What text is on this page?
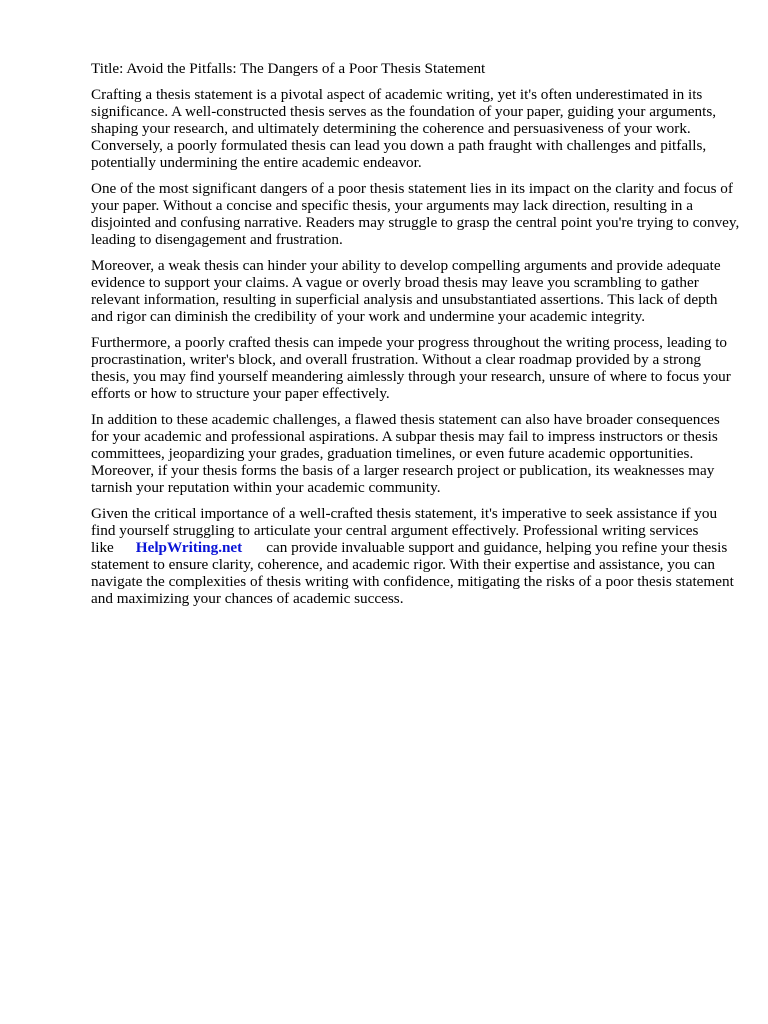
Title: Avoid the Pitfalls: The Dangers of a Poor Thesis Statement

Crafting a thesis statement is a pivotal aspect of academic writing, yet it's often underestimated in its significance. A well-constructed thesis serves as the foundation of your paper, guiding your arguments, shaping your research, and ultimately determining the coherence and persuasiveness of your work. Conversely, a poorly formulated thesis can lead you down a path fraught with challenges and pitfalls, potentially undermining the entire academic endeavor.

One of the most significant dangers of a poor thesis statement lies in its impact on the clarity and focus of your paper. Without a concise and specific thesis, your arguments may lack direction, resulting in a disjointed and confusing narrative. Readers may struggle to grasp the central point you're trying to convey, leading to disengagement and frustration.

Moreover, a weak thesis can hinder your ability to develop compelling arguments and provide adequate evidence to support your claims. A vague or overly broad thesis may leave you scrambling to gather relevant information, resulting in superficial analysis and unsubstantiated assertions. This lack of depth and rigor can diminish the credibility of your work and undermine your academic integrity.

Furthermore, a poorly crafted thesis can impede your progress throughout the writing process, leading to procrastination, writer's block, and overall frustration. Without a clear roadmap provided by a strong thesis, you may find yourself meandering aimlessly through your research, unsure of where to focus your efforts or how to structure your paper effectively.

In addition to these academic challenges, a flawed thesis statement can also have broader consequences for your academic and professional aspirations. A subpar thesis may fail to impress instructors or thesis committees, jeopardizing your grades, graduation timelines, or even future academic opportunities. Moreover, if your thesis forms the basis of a larger research project or publication, its weaknesses may tarnish your reputation within your academic community.

Given the critical importance of a well-crafted thesis statement, it's imperative to seek assistance if you find yourself struggling to articulate your central argument effectively. Professional writing services like HelpWriting.net can provide invaluable support and guidance, helping you refine your thesis statement to ensure clarity, coherence, and academic rigor. With their expertise and assistance, you can navigate the complexities of thesis writing with confidence, mitigating the risks of a poor thesis statement and maximizing your chances of academic success.
